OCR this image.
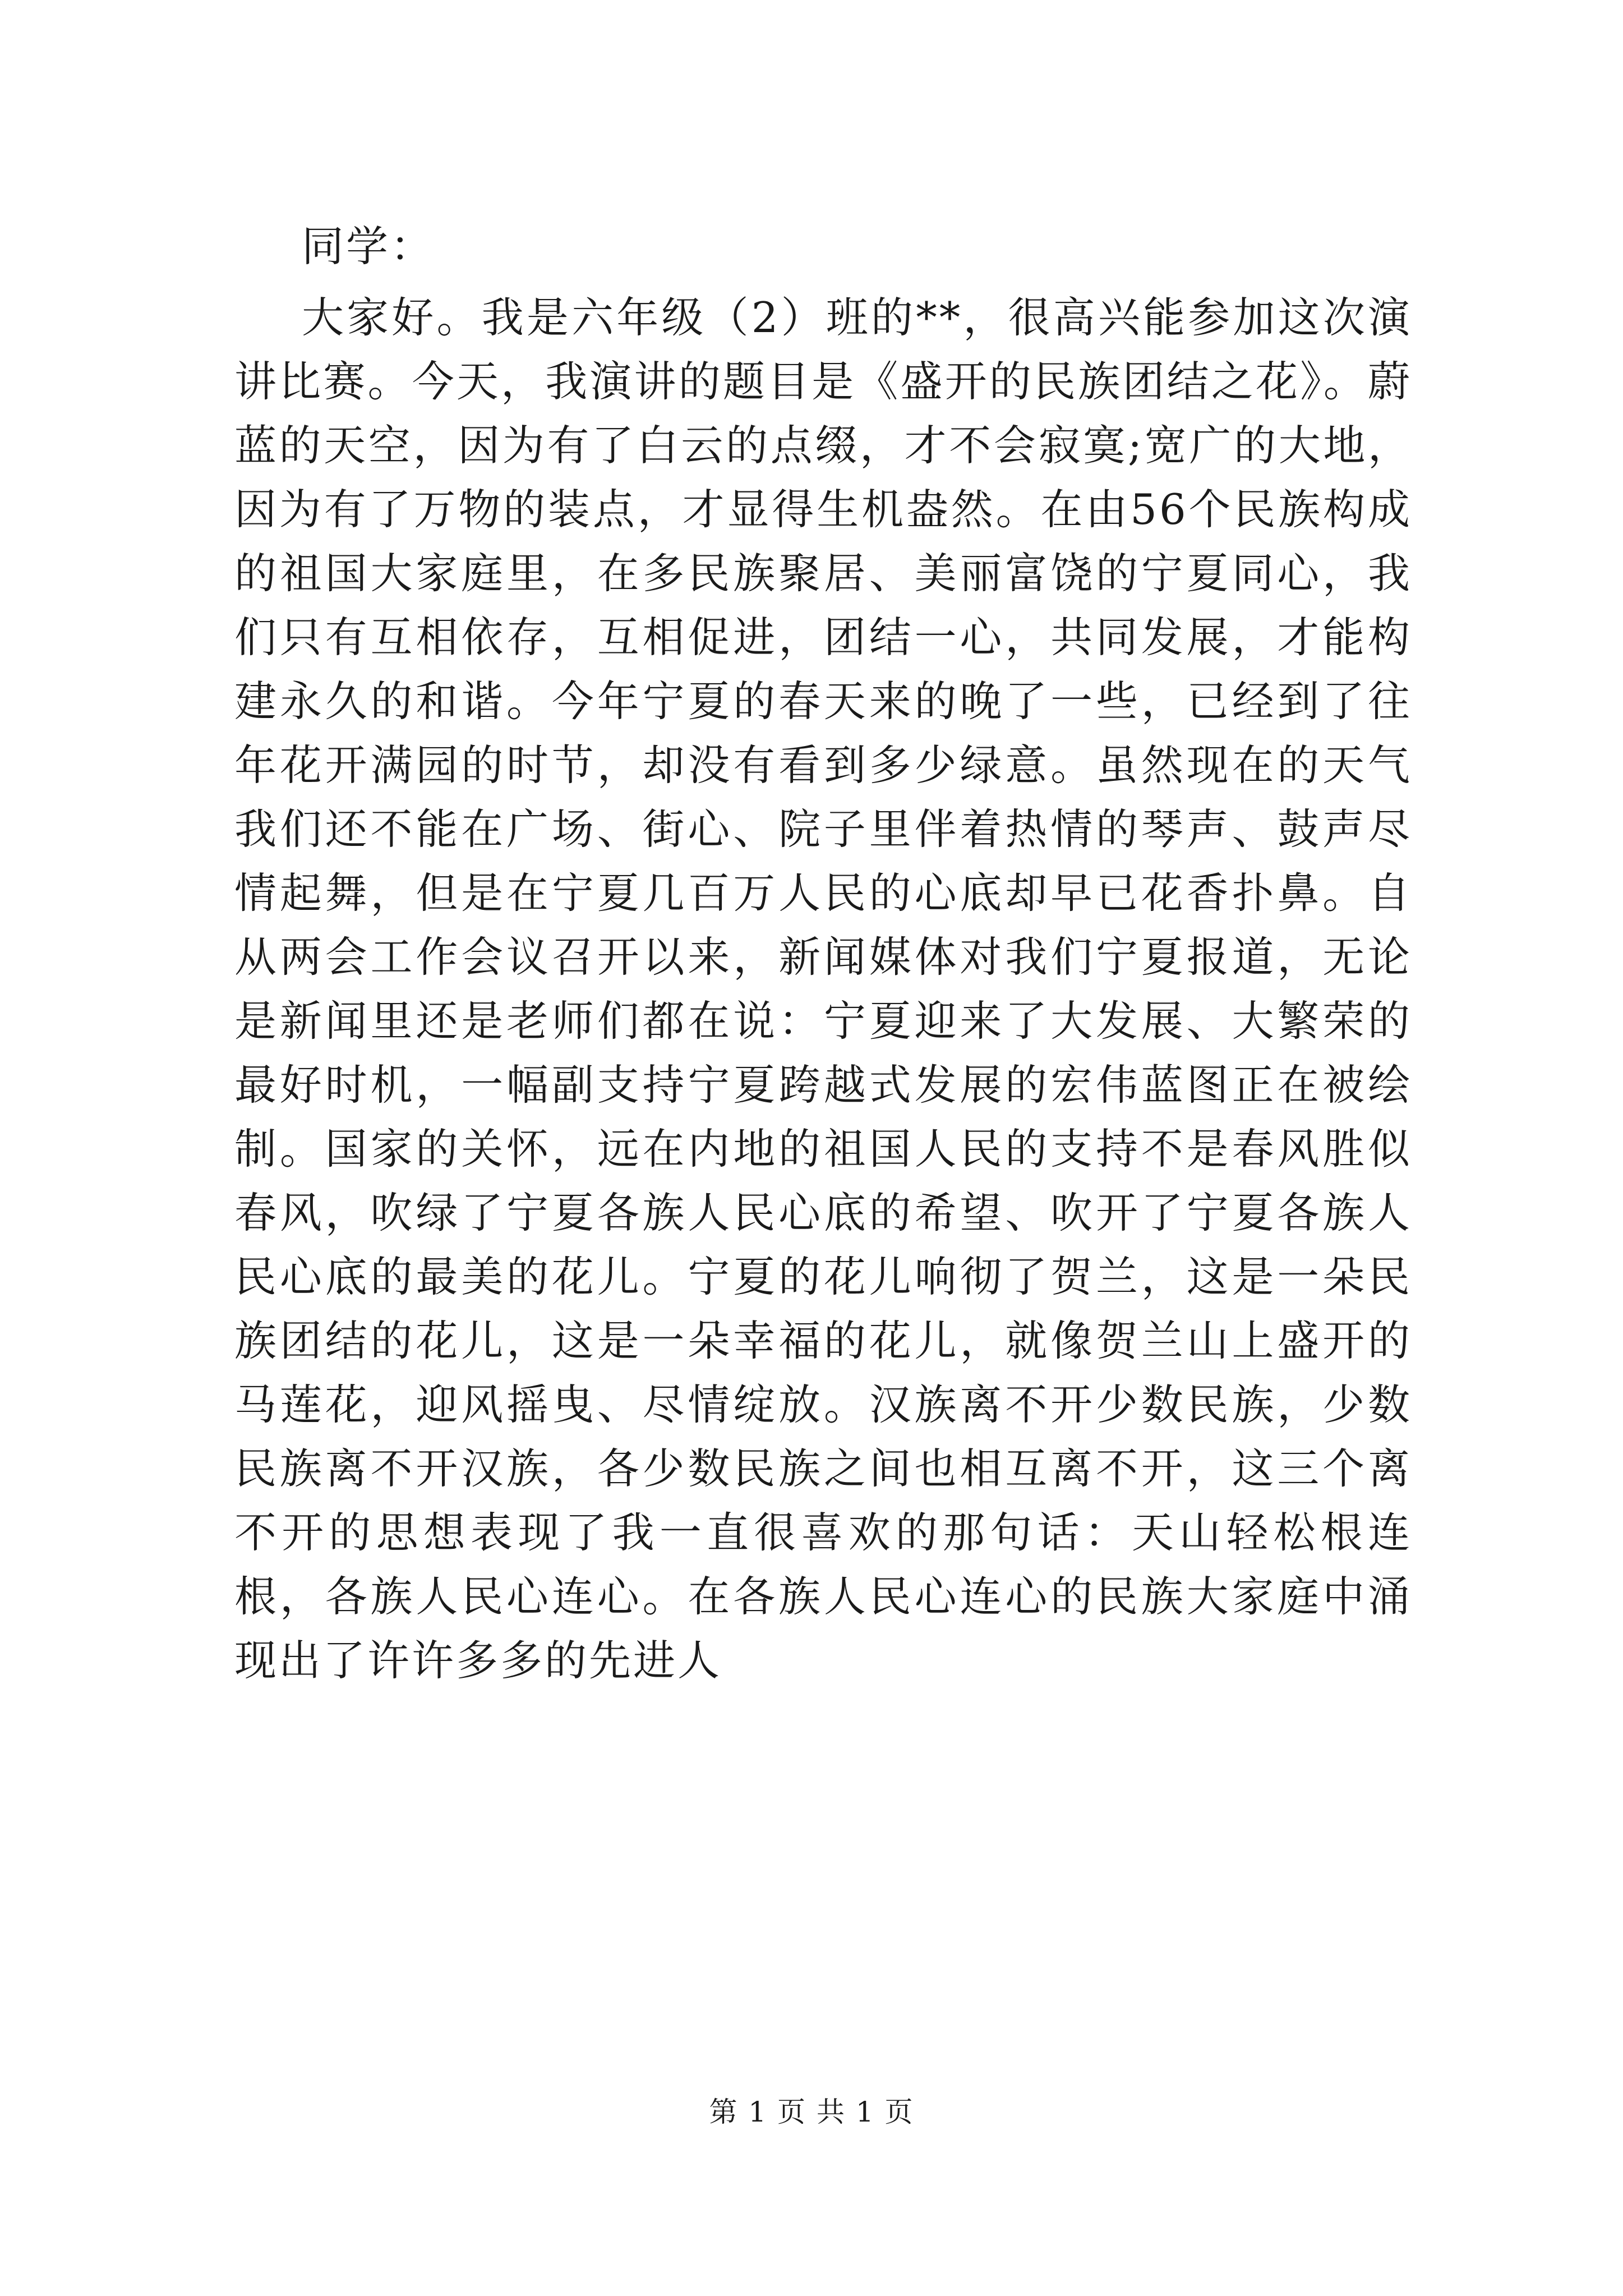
同学：

大家好。我是六年级（2）班的**，很高兴能参加这次演讲比赛。今天，我演讲的题目是《盛开的民族团结之花》。蔚蓝的天空，因为有了白云的点缀，才不会寂寞;宽广的大地，因为有了万物的装点，才显得生机盎然。在由56个民族构成的祖国大家庭里，在多民族聚居、美丽富饶的宁夏同心，我们只有互相依存，互相促进，团结一心，共同发展，才能构建永久的和谐。今年宁夏的春天来的晚了一些，已经到了往年花开满园的时节，却没有看到多少绿意。虽然现在的天气我们还不能在广场、街心、院子里伴着热情的琴声、鼓声尽情起舞，但是在宁夏几百万人民的心底却早已花香扑鼻。自从两会工作会议召开以来，新闻媒体对我们宁夏报道，无论是新闻里还是老师们都在说：宁夏迎来了大发展、大繁荣的最好时机，一幅副支持宁夏跨越式发展的宏伟蓝图正在被绘制。国家的关怀，远在内地的祖国人民的支持不是春风胜似春风，吹绿了宁夏各族人民心底的希望、吹开了宁夏各族人民心底的最美的花儿。宁夏的花儿响彻了贺兰，这是一朵民族团结的花儿，这是一朵幸福的花儿，就像贺兰山上盛开的马莲花，迎风摇曳、尽情绽放。汉族离不开少数民族，少数民族离不开汉族，各少数民族之间也相互离不开，这三个离不开的思想表现了我一直很喜欢的那句话：天山轻松根连根，各族人民心连心。在各族人民心连心的民族大家庭中涌现出了许许多多的先进人

第 1 页 共 1 页
